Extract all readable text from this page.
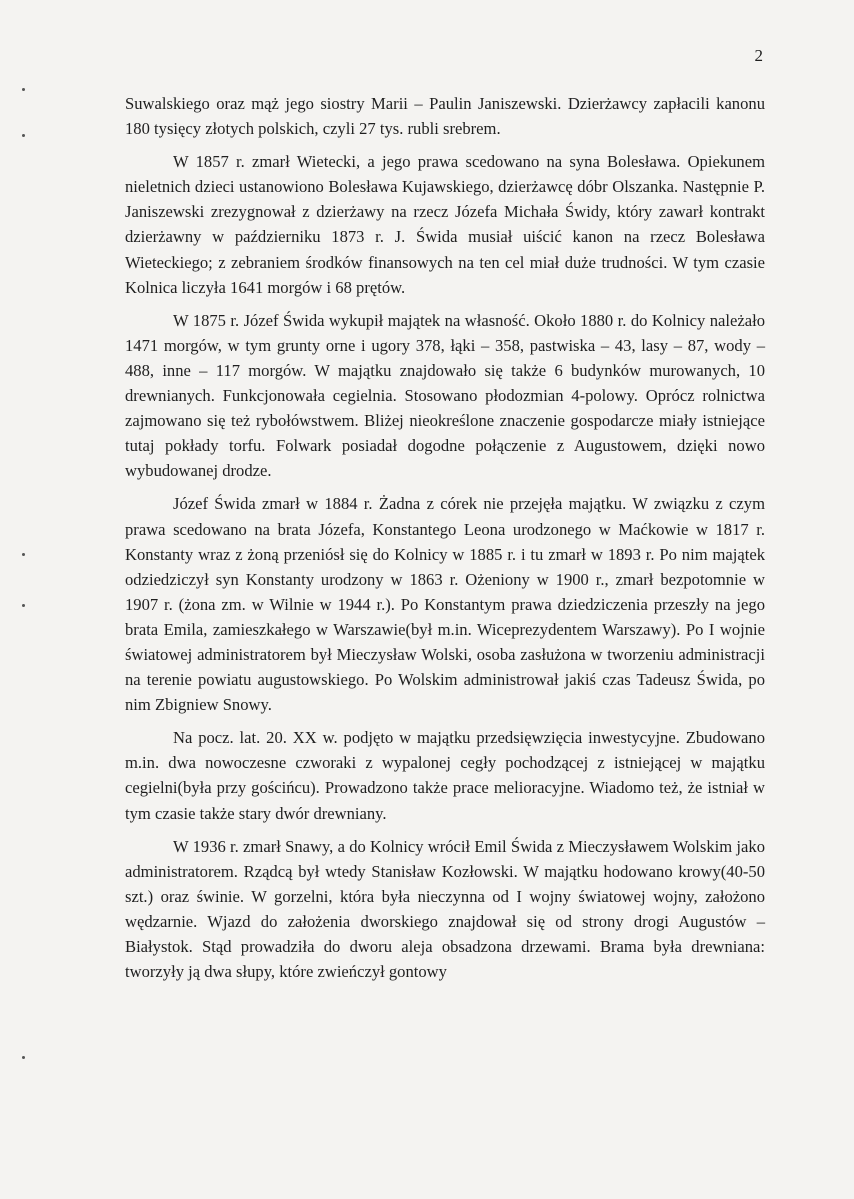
2

Suwalskiego oraz mąż jego siostry Marii – Paulin Janiszewski. Dzierżawcy zapłacili kanonu 180 tysięcy złotych polskich, czyli 27 tys. rubli srebrem.

W 1857 r. zmarł Wietecki, a jego prawa scedowano na syna Bolesława. Opiekunem nieletnich dzieci ustanowiono Bolesława Kujawskiego, dzierżawcę dóbr Olszanka. Następnie P. Janiszewski zrezygnował z dzierżawy na rzecz Józefa Michała Świdy, który zawarł kontrakt dzierżawny w październiku 1873 r. J. Świda musiał uiścić kanon na rzecz Bolesława Wieteckiego; z zebraniem środków finansowych na ten cel miał duże trudności. W tym czasie Kolnica liczyła 1641 morgów i 68 prętów.

W 1875 r. Józef Świda wykupił majątek na własność. Około 1880 r. do Kolnicy należało 1471 morgów, w tym grunty orne i ugory 378, łąki – 358, pastwiska – 43, lasy – 87, wody – 488, inne – 117 morgów. W majątku znajdowało się także 6 budynków murowanych, 10 drewnianych. Funkcjonowała cegielnia. Stosowano płodozmian 4-polowy. Oprócz rolnictwa zajmowano się też rybołówstwem. Bliżej nieokreślone znaczenie gospodarcze miały istniejące tutaj pokłady torfu. Folwark posiadał dogodne połączenie z Augustowem, dzięki nowo wybudowanej drodze.

Józef Świda zmarł w 1884 r. Żadna z córek nie przejęła majątku. W związku z czym prawa scedowano na brata Józefa, Konstantego Leona urodzonego w Maćkowie w 1817 r. Konstanty wraz z żoną przeniósł się do Kolnicy w 1885 r. i tu zmarł w 1893 r. Po nim majątek odziedziczył syn Konstanty urodzony w 1863 r. Ożeniony w 1900 r., zmarł bezpotomnie w 1907 r. (żona zm. w Wilnie w 1944 r.). Po Konstantym prawa dziedziczenia przeszły na jego brata Emila, zamieszkałego w Warszawie(był m.in. Wiceprezydentem Warszawy). Po I wojnie światowej administratorem był Mieczysław Wolski, osoba zasłużona w tworzeniu administracji na terenie powiatu augustowskiego. Po Wolskim administrował jakiś czas Tadeusz Świda, po nim Zbigniew Snowy.

Na pocz. lat. 20. XX w. podjęto w majątku przedsięwzięcia inwestycyjne. Zbudowano m.in. dwa nowoczesne czworaki z wypalonej cegły pochodzącej z istniejącej w majątku cegielni(była przy gościńcu). Prowadzono także prace melioracyjne. Wiadomo też, że istniał w tym czasie także stary dwór drewniany.

W 1936 r. zmarł Snawy, a do Kolnicy wrócił Emil Świda z Mieczysławem Wolskim jako administratorem. Rządcą był wtedy Stanisław Kozłowski. W majątku hodowano krowy(40-50 szt.) oraz świnie. W gorzelni, która była nieczynna od I wojny światowej wojny, założono wędzarnie. Wjazd do założenia dworskiego znajdował się od strony drogi Augustów – Białystok. Stąd prowadziła do dworu aleja obsadzona drzewami. Brama była drewniana: tworzyły ją dwa słupy, które zwieńczył gontowy
